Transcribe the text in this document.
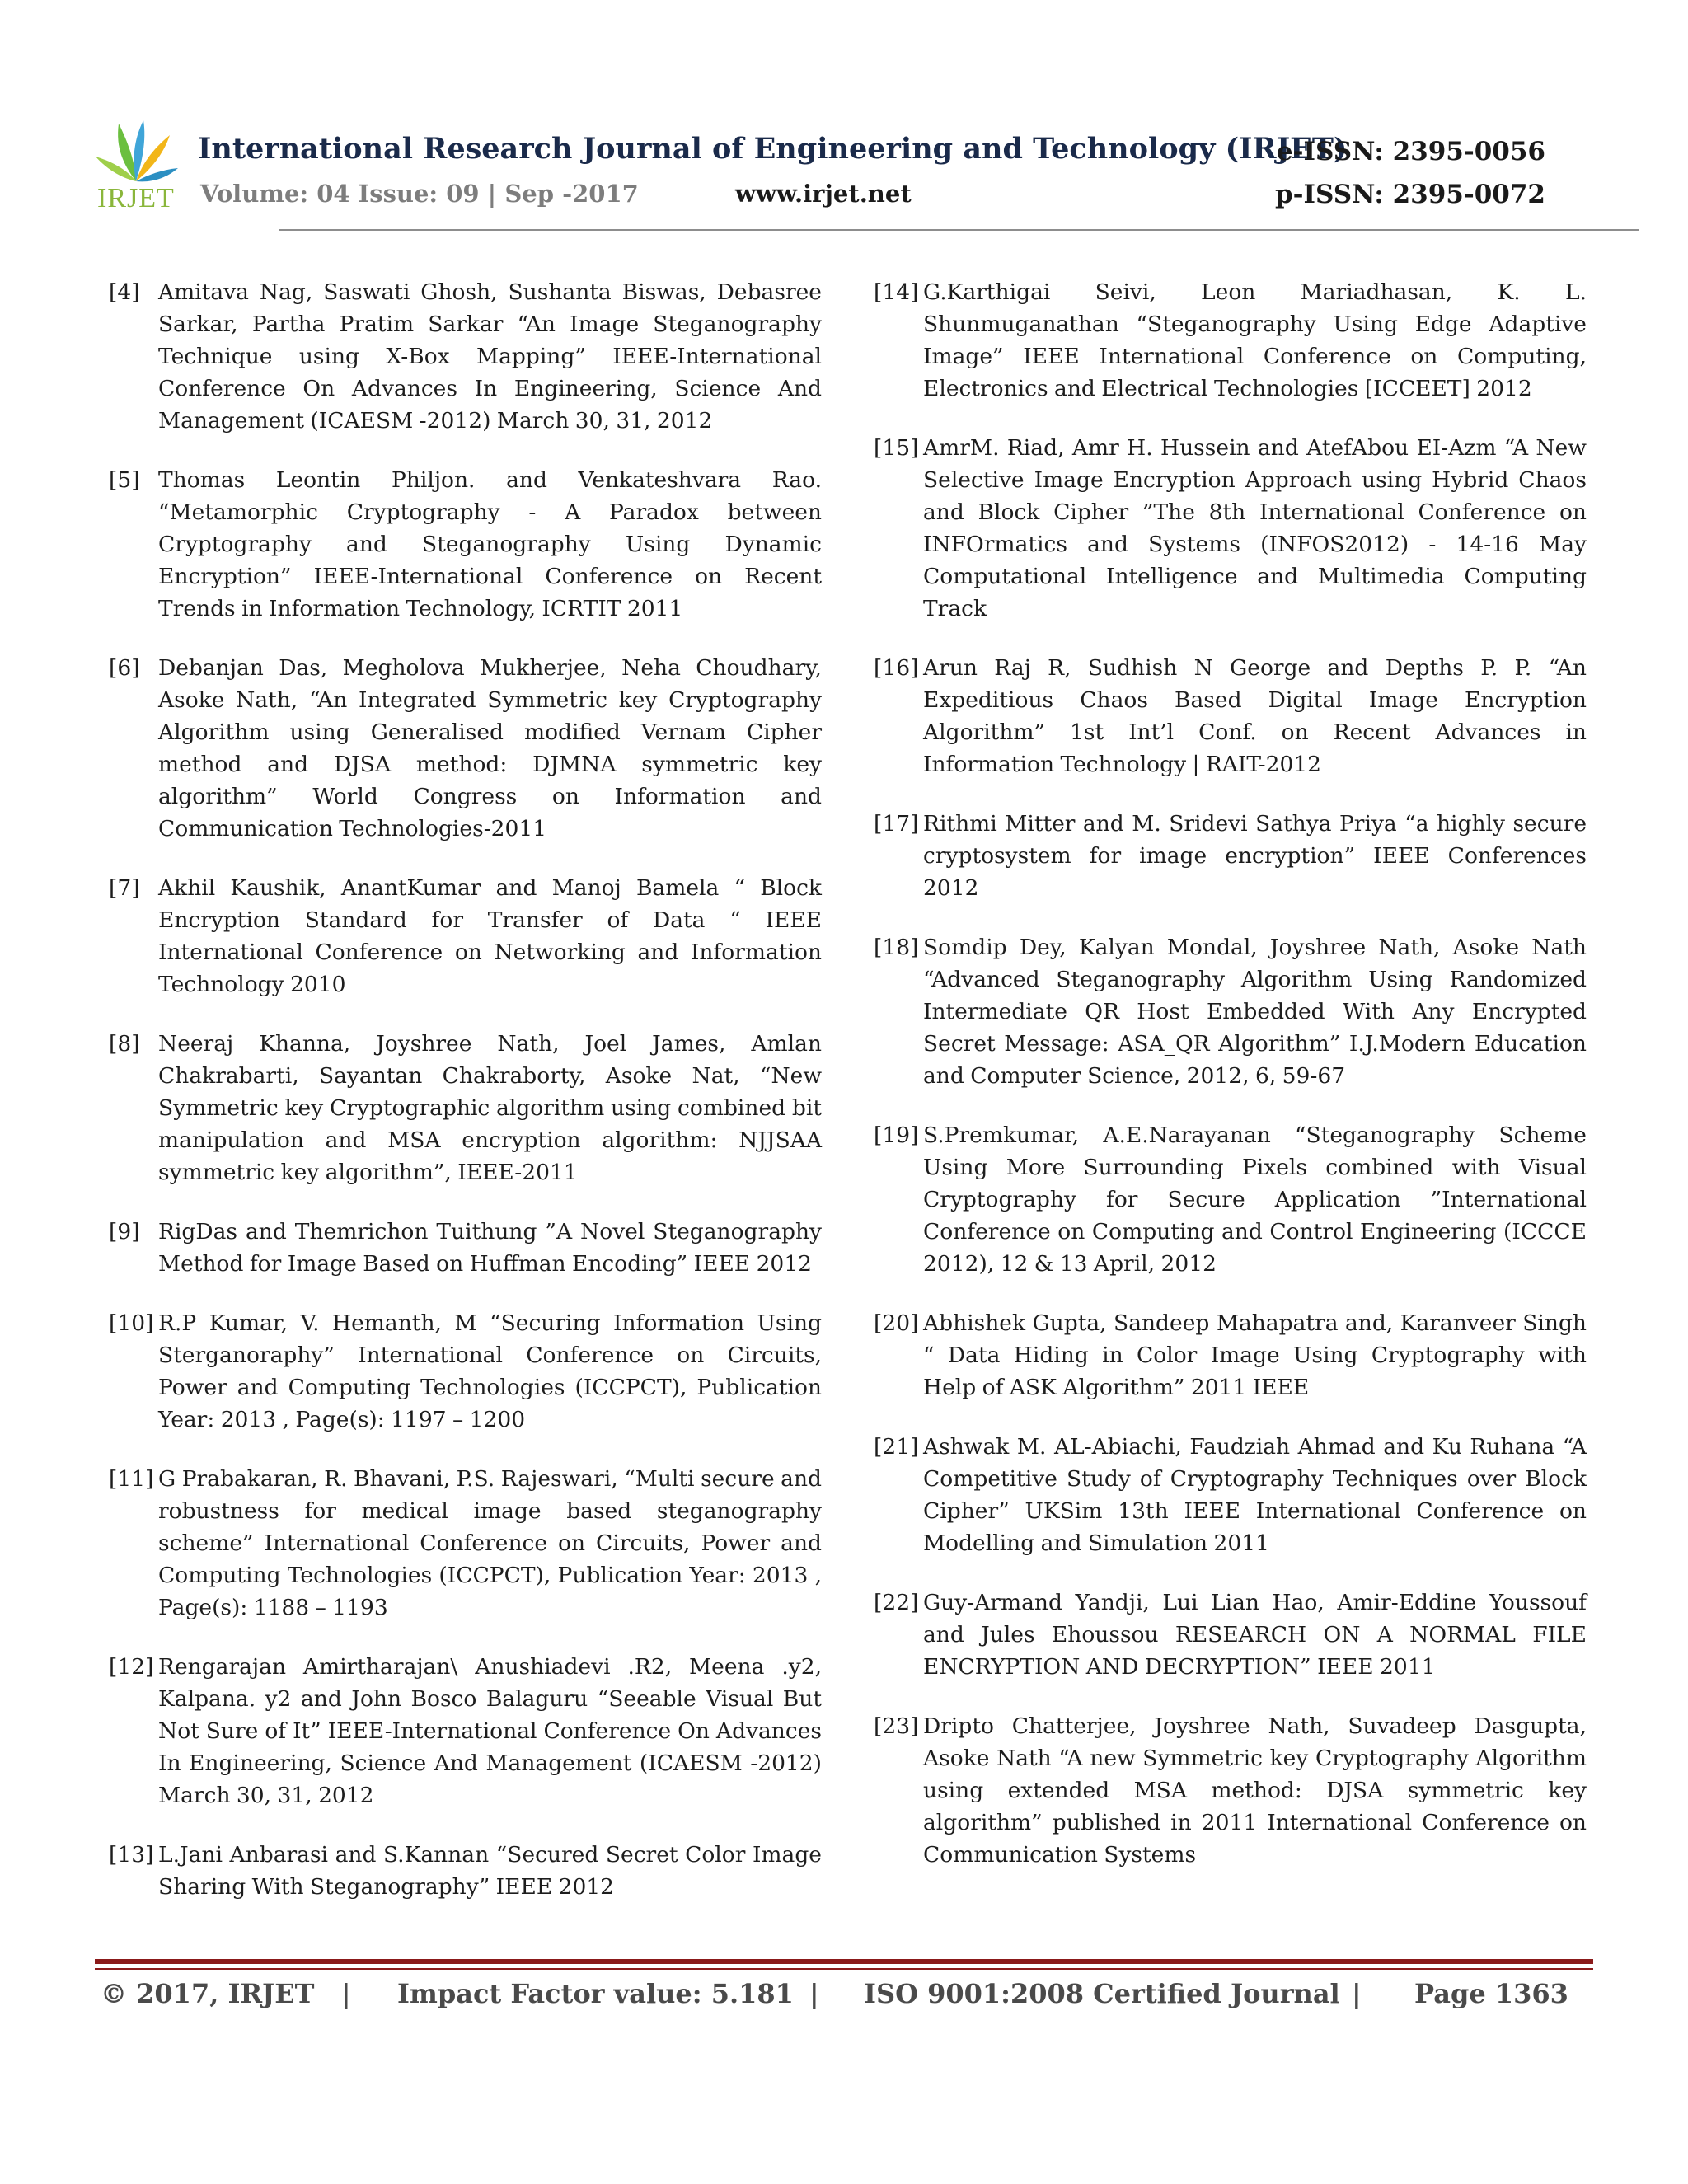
IRJET
International Research Journal of Engineering and Technology (IRJET)
e-ISSN: 2395-0056
Volume: 04 Issue: 09 | Sep -2017	www.irjet.net	p-ISSN: 2395-0072
[4] Amitava Nag, Saswati Ghosh, Sushanta Biswas, Debasree Sarkar, Partha Pratim Sarkar “An Image Steganography Technique using X-Box Mapping” IEEE-International Conference On Advances In Engineering, Science And Management (ICAESM -2012) March 30, 31, 2012
[5] Thomas Leontin Philjon. and Venkateshvara Rao. “Metamorphic Cryptography - A Paradox between Cryptography and Steganography Using Dynamic Encryption” IEEE-International Conference on Recent Trends in Information Technology, ICRTIT 2011
[6] Debanjan Das, Megholova Mukherjee, Neha Choudhary, Asoke Nath, “An Integrated Symmetric key Cryptography Algorithm using Generalised modified Vernam Cipher method and DJSA method: DJMNA symmetric key algorithm” World Congress on Information and Communication Technologies-2011
[7] Akhil Kaushik, AnantKumar and Manoj Bamela “ Block Encryption Standard for Transfer of Data “ IEEE International Conference on Networking and Information Technology 2010
[8] Neeraj Khanna, Joyshree Nath, Joel James, Amlan Chakrabarti, Sayantan Chakraborty, Asoke Nat, “New Symmetric key Cryptographic algorithm using combined bit manipulation and MSA encryption algorithm: NJJSAA symmetric key algorithm”, IEEE-2011
[9] RigDas and Themrichon Tuithung ”A Novel Steganography Method for Image Based on Huffman Encoding” IEEE 2012
[10] R.P Kumar, V. Hemanth, M “Securing Information Using Sterganoraphy” International Conference on Circuits, Power and Computing Technologies (ICCPCT), Publication Year: 2013 , Page(s): 1197 – 1200
[11] G Prabakaran, R. Bhavani, P.S. Rajeswari, “Multi secure and robustness for medical image based steganography scheme” International Conference on Circuits, Power and Computing Technologies (ICCPCT), Publication Year: 2013 , Page(s): 1188 – 1193
[12] Rengarajan Amirtharajan\ Anushiadevi .R2, Meena .y2, Kalpana. y2 and John Bosco Balaguru “Seeable Visual But Not Sure of It” IEEE-International Conference On Advances In Engineering, Science And Management (ICAESM -2012) March 30, 31, 2012
[13] L.Jani Anbarasi and S.Kannan “Secured Secret Color Image Sharing With Steganography” IEEE 2012
[14] G.Karthigai Seivi, Leon Mariadhasan, K. L. Shunmuganathan “Steganography Using Edge Adaptive Image” IEEE International Conference on Computing, Electronics and Electrical Technologies [ICCEET] 2012
[15] AmrM. Riad, Amr H. Hussein and AtefAbou EI-Azm “A New Selective Image Encryption Approach using Hybrid Chaos and Block Cipher ”The 8th International Conference on INFOrmatics and Systems (INFOS2012) - 14-16 May Computational Intelligence and Multimedia Computing Track
[16] Arun Raj R, Sudhish N George and Depths P. P. “An Expeditious Chaos Based Digital Image Encryption Algorithm” 1st Int’l Conf. on Recent Advances in Information Technology | RAIT-2012
[17] Rithmi Mitter and M. Sridevi Sathya Priya “a highly secure cryptosystem for image encryption” IEEE Conferences 2012
[18] Somdip Dey, Kalyan Mondal, Joyshree Nath, Asoke Nath “Advanced Steganography Algorithm Using Randomized Intermediate QR Host Embedded With Any Encrypted Secret Message: ASA_QR Algorithm” I.J.Modern Education and Computer Science, 2012, 6, 59-67
[19] S.Premkumar, A.E.Narayanan “Steganography Scheme Using More Surrounding Pixels combined with Visual Cryptography for Secure Application ”International Conference on Computing and Control Engineering (ICCCE 2012), 12 & 13 April, 2012
[20] Abhishek Gupta, Sandeep Mahapatra and, Karanveer Singh “ Data Hiding in Color Image Using Cryptography with Help of ASK Algorithm” 2011 IEEE
[21] Ashwak M. AL-Abiachi, Faudziah Ahmad and Ku Ruhana “A Competitive Study of Cryptography Techniques over Block Cipher” UKSim 13th IEEE International Conference on Modelling and Simulation 2011
[22] Guy-Armand Yandji, Lui Lian Hao, Amir-Eddine Youssouf and Jules Ehoussou RESEARCH ON A NORMAL FILE ENCRYPTION AND DECRYPTION” IEEE 2011
[23] Dripto Chatterjee, Joyshree Nath, Suvadeep Dasgupta, Asoke Nath “A new Symmetric key Cryptography Algorithm using extended MSA method: DJSA symmetric key algorithm” published in 2011 International Conference on Communication Systems
© 2017, IRJET | Impact Factor value: 5.181 | ISO 9001:2008 Certified Journal | Page 1363
